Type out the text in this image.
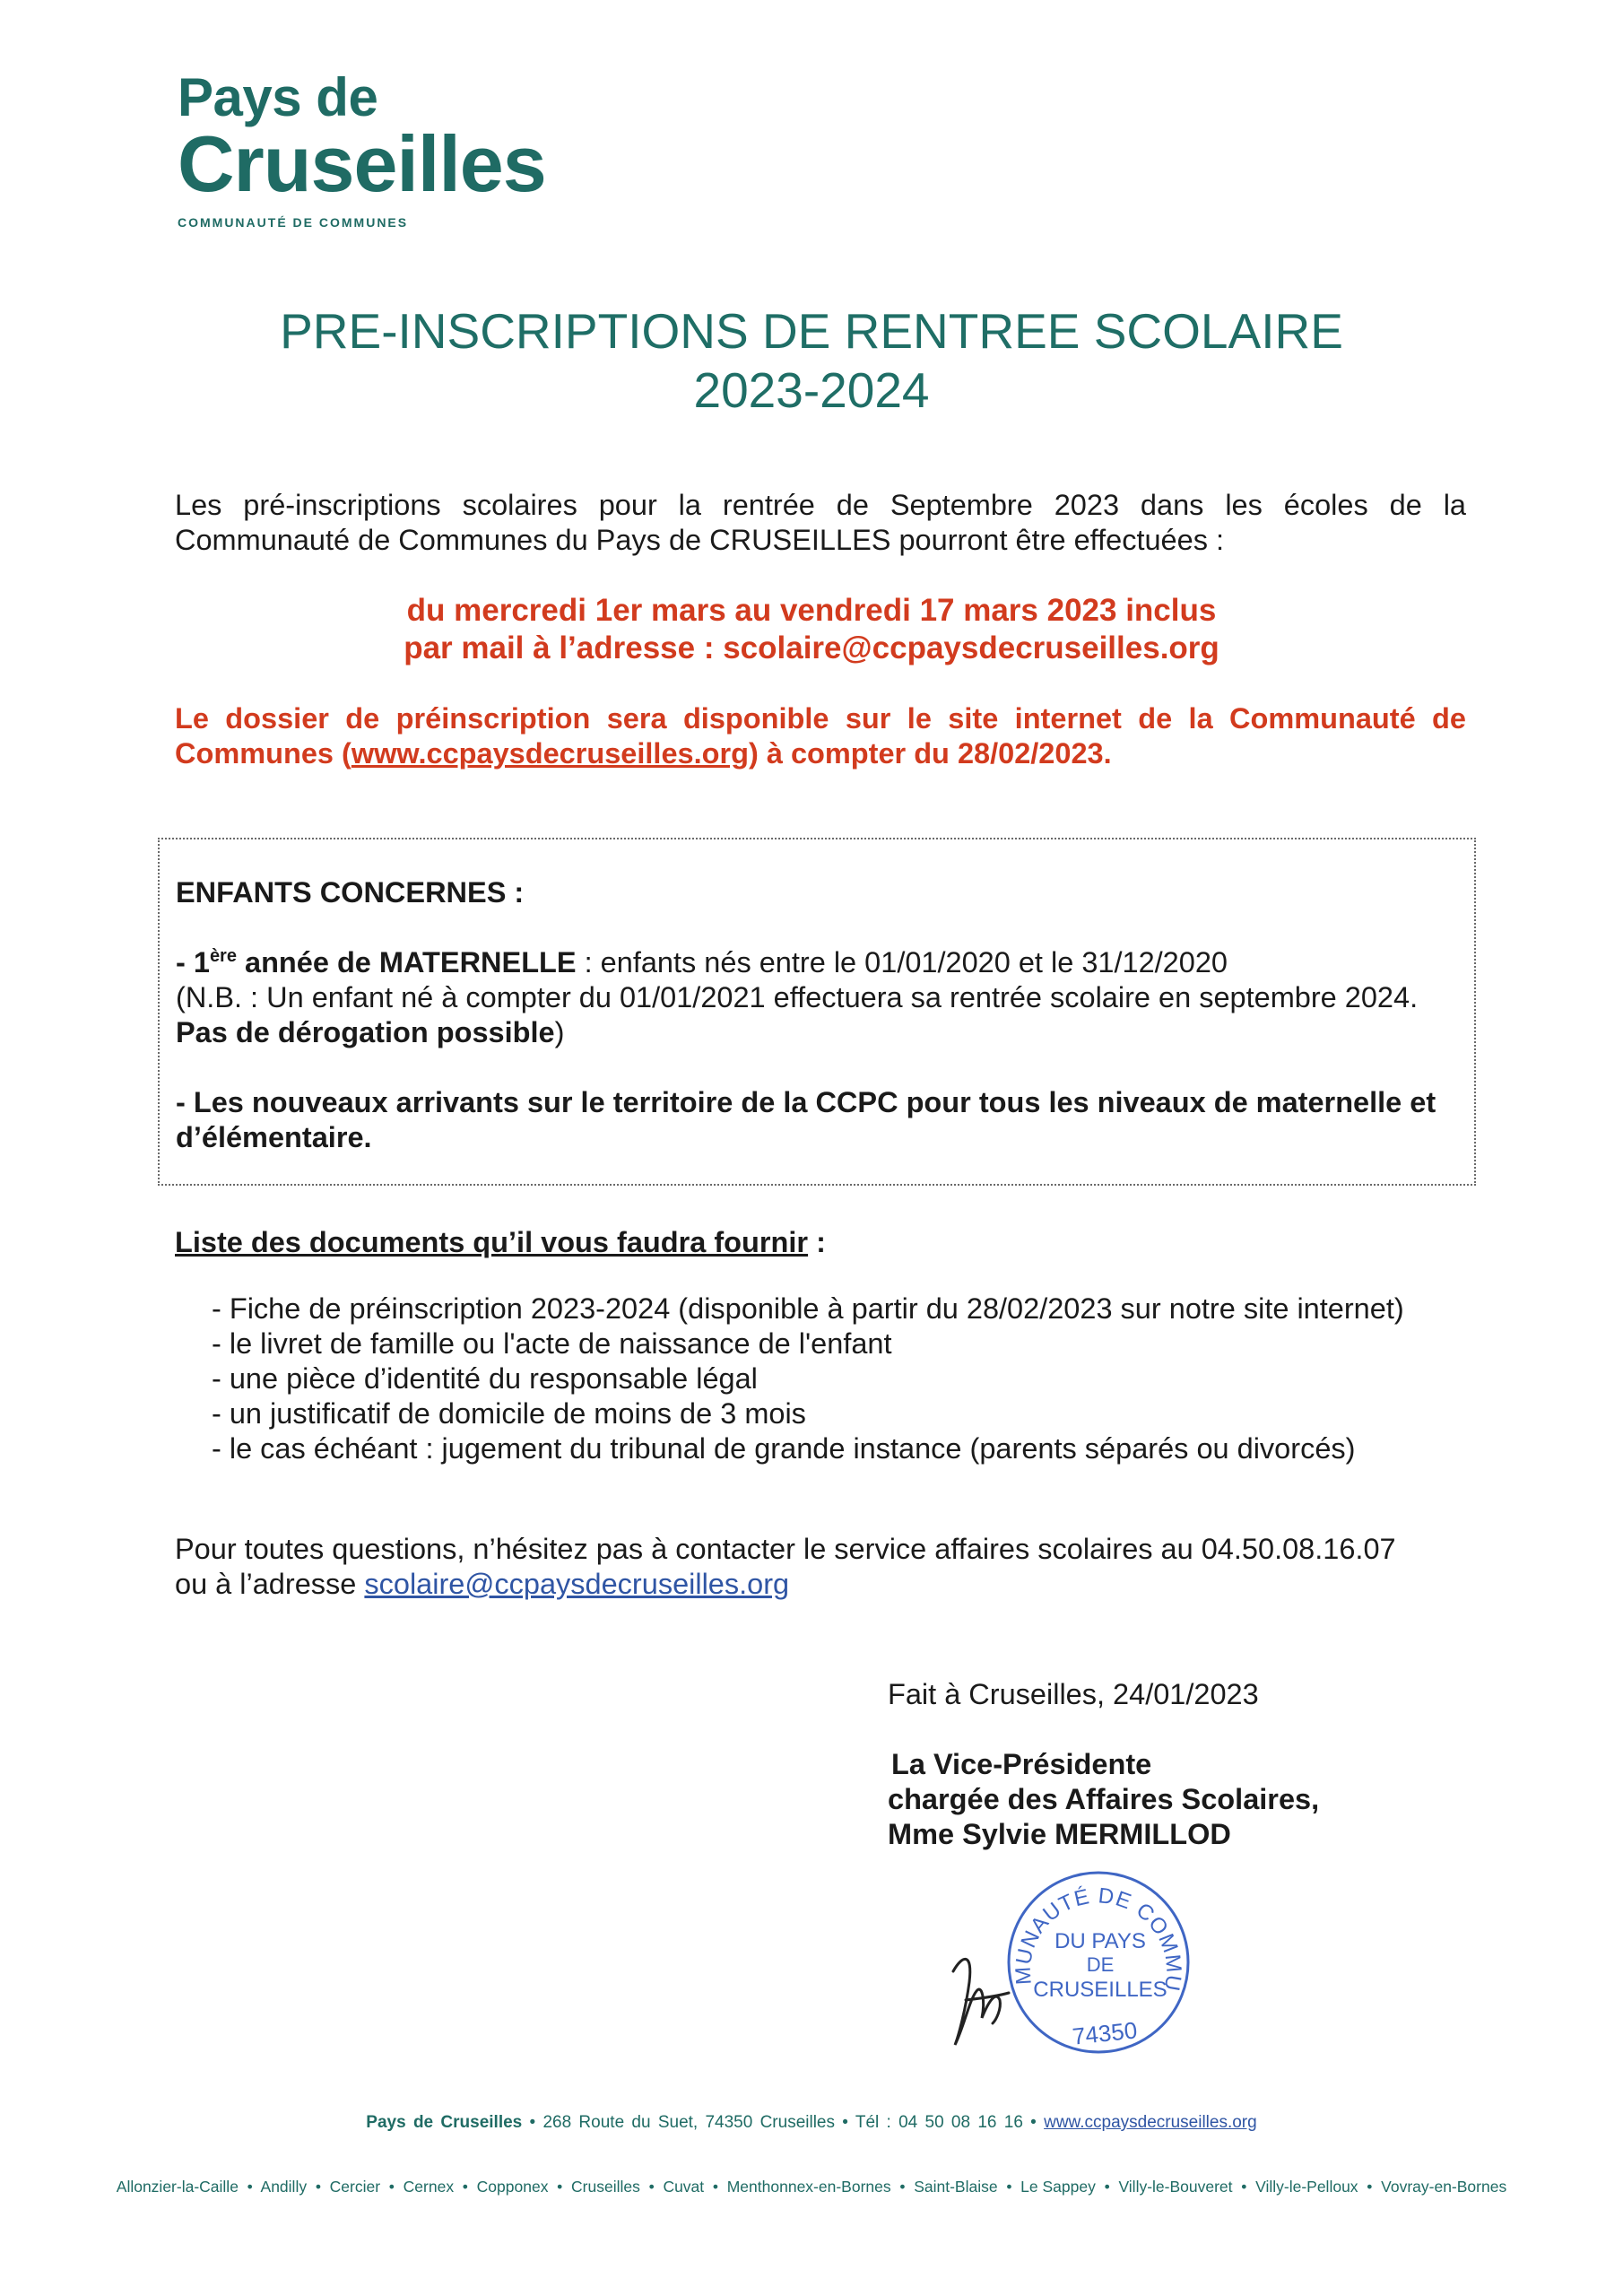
Pays de
Cruseilles
COMMUNAUTÉ DE COMMUNES
PRE-INSCRIPTIONS DE RENTREE SCOLAIRE
2023-2024
Les pré-inscriptions scolaires pour la rentrée de Septembre 2023 dans les écoles de la Communauté de Communes du Pays de CRUSEILLES pourront être effectuées :
du mercredi 1er mars au vendredi 17 mars 2023 inclus
par mail à l’adresse : scolaire@ccpaysdecruseilles.org
Le dossier de préinscription sera disponible sur le site internet de la Communauté de Communes (www.ccpaysdecruseilles.org) à compter du 28/02/2023.
ENFANTS CONCERNES :
- 1ère année de MATERNELLE : enfants nés entre le 01/01/2020 et le 31/12/2020
(N.B. : Un enfant né à compter du 01/01/2021 effectuera sa rentrée scolaire en septembre 2024.
Pas de dérogation possible)
- Les nouveaux arrivants sur le territoire de la CCPC pour tous les niveaux de maternelle et d’élémentaire.
Liste des documents qu’il vous faudra fournir :
- Fiche de préinscription 2023-2024 (disponible à partir du 28/02/2023 sur notre site internet)
- le livret de famille ou l'acte de naissance de l'enfant
- une pièce d’identité du responsable légal
- un justificatif de domicile de moins de 3 mois
- le cas échéant : jugement du tribunal de grande instance (parents séparés ou divorcés)
Pour toutes questions, n’hésitez pas à contacter le service affaires scolaires au 04.50.08.16.07
ou à l’adresse scolaire@ccpaysdecruseilles.org
Fait à Cruseilles, 24/01/2023
La Vice-Présidente
chargée des Affaires Scolaires,
Mme Sylvie MERMILLOD
MUNAUTÉ DE COMMU
DU PAYS
DE
CRUSEILLES
74350
Pays de Cruseilles • 268 Route du Suet, 74350 Cruseilles • Tél : 04 50 08 16 16 • www.ccpaysdecruseilles.org
Allonzier-la-Caille  •  Andilly  •  Cercier  •  Cernex  •  Copponex  •  Cruseilles  •  Cuvat  •  Menthonnex-en-Bornes  •  Saint-Blaise  •  Le Sappey  •  Villy-le-Bouveret  •  Villy-le-Pelloux  •  Vovray-en-Bornes
